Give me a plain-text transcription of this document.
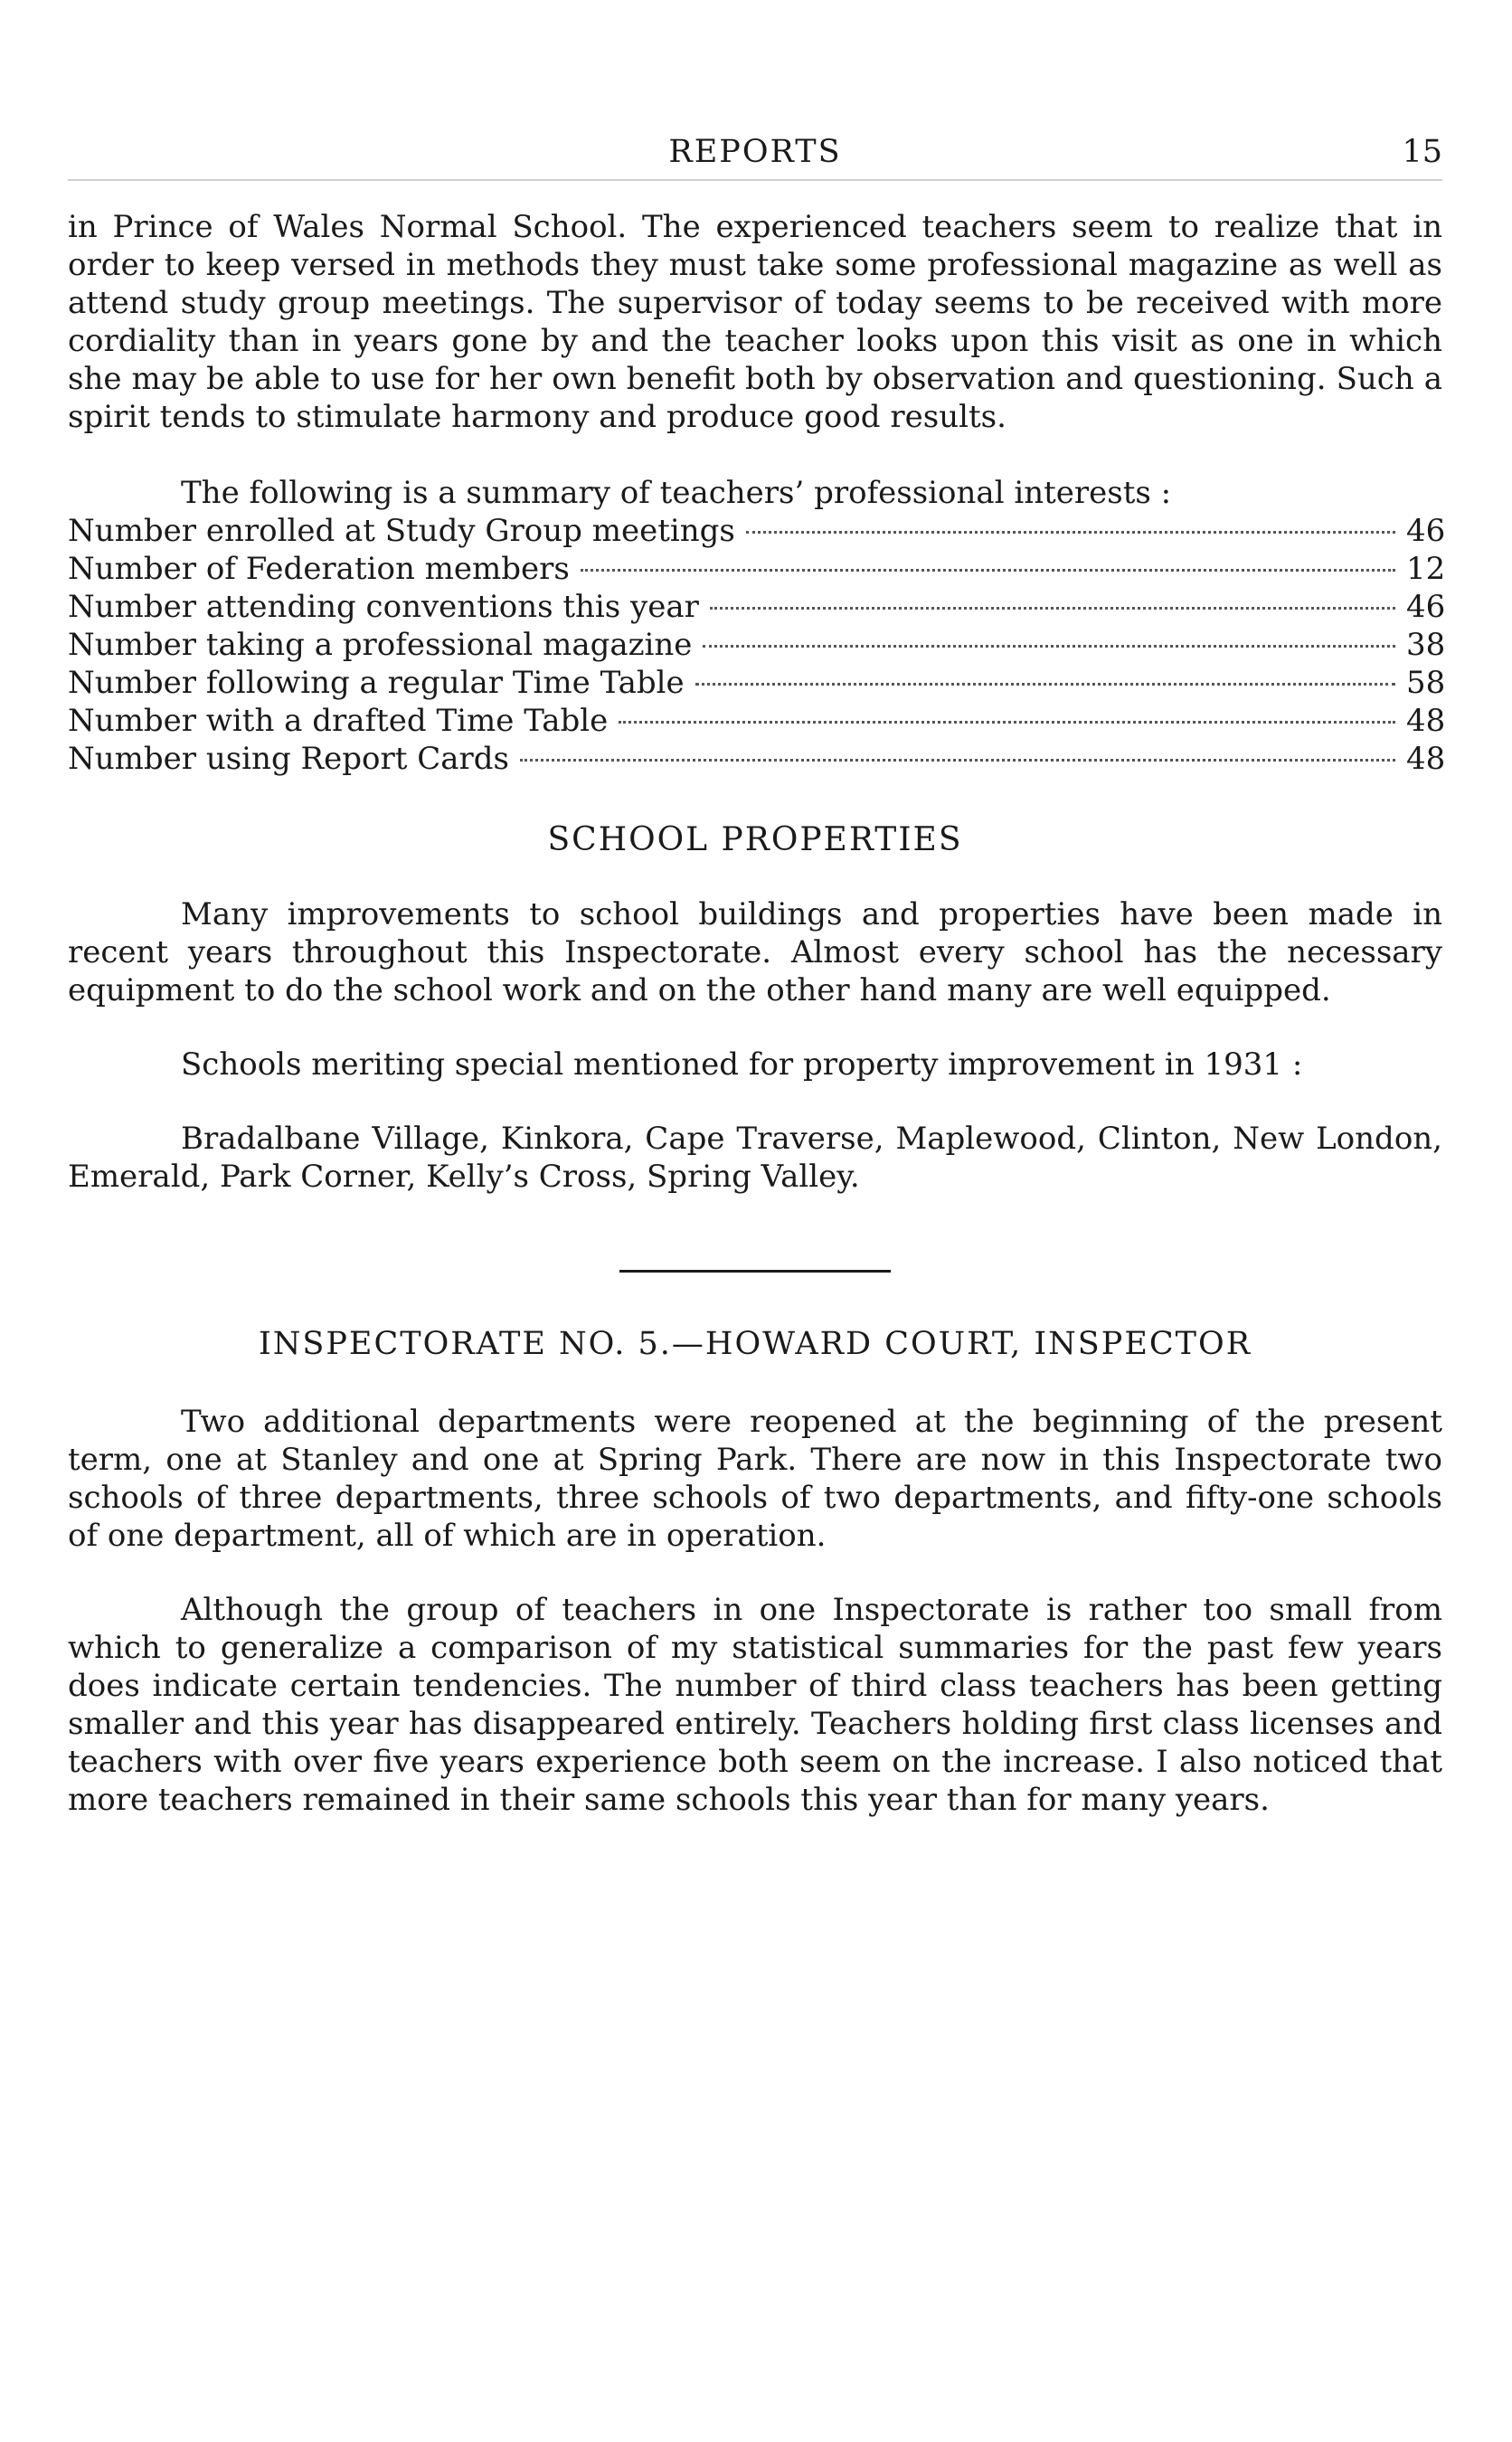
REPORTS	15

in Prince of Wales Normal School. The experienced teachers seem to realize that in order to keep versed in methods they must take some professional magazine as well as attend study group meetings. The supervisor of today seems to be received with more cordiality than in years gone by and the teacher looks upon this visit as one in which she may be able to use for her own benefit both by observation and questioning. Such a spirit tends to stimulate harmony and produce good results.

The following is a summary of teachers’ professional interests :

Number enrolled at Study Group meetings	46
Number of Federation members	12
Number attending conventions this year	46
Number taking a professional magazine	38
Number following a regular Time Table	58
Number with a drafted Time Table	48
Number using Report Cards	48
SCHOOL PROPERTIES

Many improvements to school buildings and properties have been made in recent years throughout this Inspectorate. Almost every school has the necessary equipment to do the school work and on the other hand many are well equipped.

Schools meriting special mentioned for property improvement in 1931 :

Bradalbane Village, Kinkora, Cape Traverse, Maplewood, Clinton, New London, Emerald, Park Corner, Kelly’s Cross, Spring Valley.

INSPECTORATE NO. 5.—HOWARD COURT, INSPECTOR

Two additional departments were reopened at the beginning of the present term, one at Stanley and one at Spring Park. There are now in this Inspectorate two schools of three departments, three schools of two departments, and fifty-one schools of one department, all of which are in operation.

Although the group of teachers in one Inspectorate is rather too small from which to generalize a comparison of my statistical summaries for the past few years does indicate certain tendencies. The number of third class teachers has been getting smaller and this year has disappeared entirely. Teachers holding first class licenses and teachers with over five years experience both seem on the increase. I also noticed that more teachers remained in their same schools this year than for many years.
